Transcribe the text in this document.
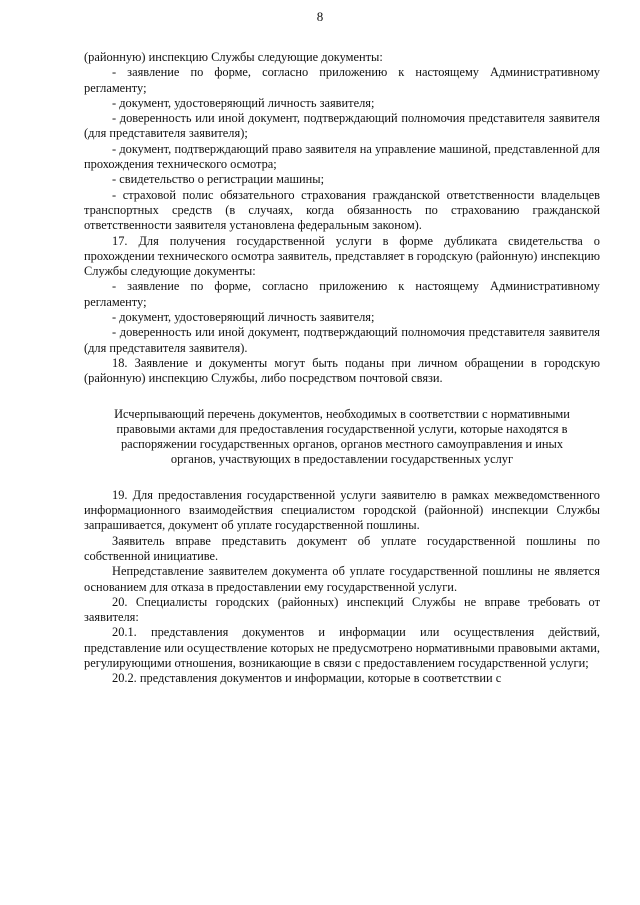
8

(районную) инспекцию Службы следующие документы:

- заявление по форме, согласно приложению к настоящему Административному регламенту;

- документ, удостоверяющий личность заявителя;

- доверенность или иной документ, подтверждающий полномочия представителя заявителя (для представителя заявителя);

- документ, подтверждающий право заявителя на управление машиной, представленной для прохождения технического осмотра;

- свидетельство о регистрации машины;

- страховой полис обязательного страхования гражданской ответственности владельцев транспортных средств (в случаях, когда обязанность по страхованию гражданской ответственности заявителя установлена федеральным законом).

17. Для получения государственной услуги в форме дубликата свидетельства о прохождении технического осмотра заявитель, представляет в городскую (районную) инспекцию Службы следующие документы:

- заявление по форме, согласно приложению к настоящему Административному регламенту;

- документ, удостоверяющий личность заявителя;

- доверенность или иной документ, подтверждающий полномочия представителя заявителя (для представителя заявителя).

18. Заявление и документы могут быть поданы при личном обращении в городскую (районную) инспекцию Службы, либо посредством почтовой связи.

Исчерпывающий перечень документов, необходимых в соответствии с нормативными правовыми актами для предоставления государственной услуги, которые находятся в распоряжении государственных органов, органов местного самоуправления и иных органов, участвующих в предоставлении государственных услуг

19. Для предоставления государственной услуги заявителю в рамках межведомственного информационного взаимодействия специалистом городской (районной) инспекции Службы запрашивается, документ об уплате государственной пошлины.

Заявитель вправе представить документ об уплате государственной пошлины по собственной инициативе.

Непредставление заявителем документа об уплате государственной пошлины не является основанием для отказа в предоставлении ему государственной услуги.

20. Специалисты городских (районных) инспекций Службы не вправе требовать от заявителя:

20.1. представления документов и информации или осуществления действий, представление или осуществление которых не предусмотрено нормативными правовыми актами, регулирующими отношения, возникающие в связи с предоставлением государственной услуги;

20.2. представления документов и информации, которые в соответствии с
